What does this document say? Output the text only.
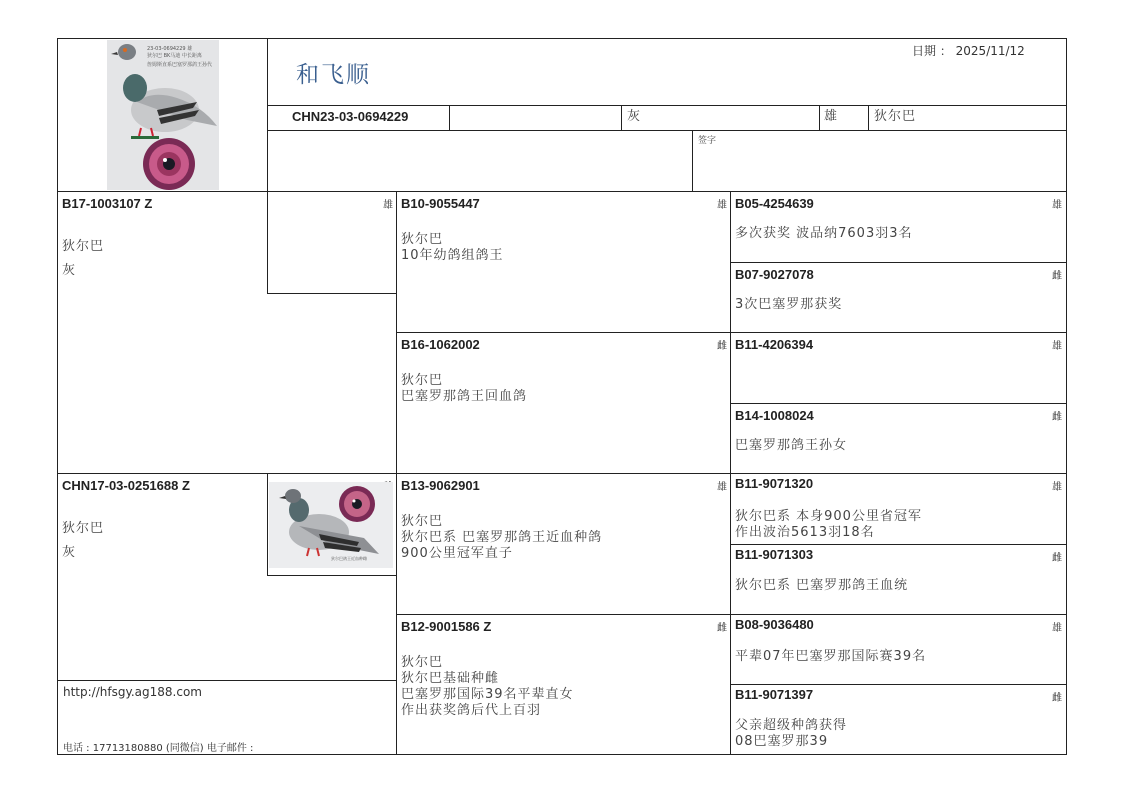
23-03-0694229 雄
狄尔巴 BK马迪 中长距离
詹姆斯直系巴塞罗那鸽王孙代	和飞顺
日期 ： 2025/11/12
CHN23-03-0694229	灰	雄	狄尔巴
签字
B17-1003107 Z
狄尔巴
灰
雄
CHN17-03-0251688 Z
狄尔巴
灰	狄尔巴鸽王近血种雌
http://hfsgy.ag188.com
电话 : 17713180880 (同微信) 电子邮件 :
雄
B10-9055447
狄尔巴
10年幼鸽组鸽王
雌
B16-1062002
狄尔巴
巴塞罗那鸽王回血鸽
雄
B13-9062901
狄尔巴
狄尔巴系 巴塞罗那鸽王近血种鸽
900公里冠军直子
雌
B12-9001586 Z
狄尔巴
狄尔巴基础种雌
巴塞罗那国际39名平辈直女
作出获奖鸽后代上百羽
雄
B05-4254639
多次获奖 波品纳7603羽3名
雌
B07-9027078
3次巴塞罗那获奖
雄
B11-4206394
雌
B14-1008024
巴塞罗那鸽王孙女
雄
B11-9071320
狄尔巴系 本身900公里省冠军
作出波治5613羽18名
雌
B11-9071303
狄尔巴系 巴塞罗那鸽王血统
雄
B08-9036480
平辈07年巴塞罗那国际赛39名
雌
B11-9071397
父亲超级种鸽获得
08巴塞罗那39
